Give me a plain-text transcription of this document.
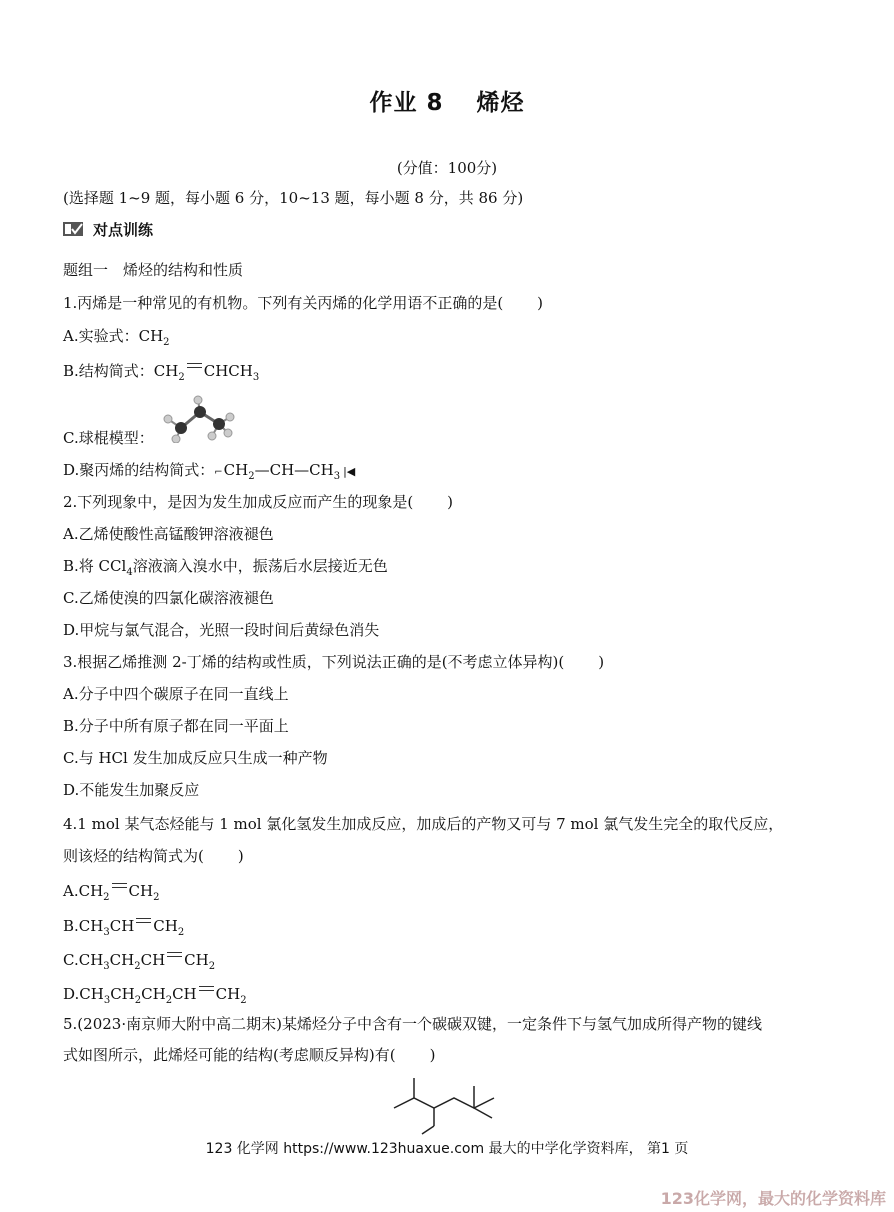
作业 8　 烯烃
(分值：100分)
(选择题 1~9 题，每小题 6 分，10~13 题，每小题 8 分，共 86 分)
对点训练
题组一　烯烃的结构和性质
1.丙烯是一种常见的有机物。下列有关丙烯的化学用语不正确的是( )
A.实验式：$CH_2$
B.结构简式：$CH_2$ $CHCH_3$
C.球棍模型：
D.聚丙烯的结构简式：$⌐CH_2—CH—CH_3$ |◀
2.下列现象中，是因为发生加成反应而产生的现象是( )
A.乙烯使酸性高锰酸钾溶液褪色
B.将 CCl$_4$溶液滴入溴水中，振荡后水层接近无色
C.乙烯使溴的四氯化碳溶液褪色
D.甲烷与氯气混合，光照一段时间后黄绿色消失
3.根据乙烯推测 2-丁烯的结构或性质，下列说法正确的是(不考虑立体异构)( )
A.分子中四个碳原子在同一直线上
B.分子中所有原子都在同一平面上
C.与 HCl 发生加成反应只生成一种产物
D.不能发生加聚反应
4.1 mol 某气态烃能与 1 mol 氯化氢发生加成反应，加成后的产物又可与 7 mol 氯气发生完全的取代反应，
则该烃的结构简式为( )
$A.CH_2$ $CH_2$
$B.CH_3CH$ $CH_2$
$C.CH_3CH_2CH$ $CH_2$
$D.CH_3CH_2CH_2CH$ $CH_2$
5.(2023·南京师大附中高二期末)某烯烃分子中含有一个碳碳双键，一定条件下与氢气加成所得产物的键线
式如图所示，此烯烃可能的结构(考虑顺反异构)有( )
123 化学网 https://www.123huaxue.com 最大的中学化学资料库， 第1 页
123化学网，最大的化学资料库
